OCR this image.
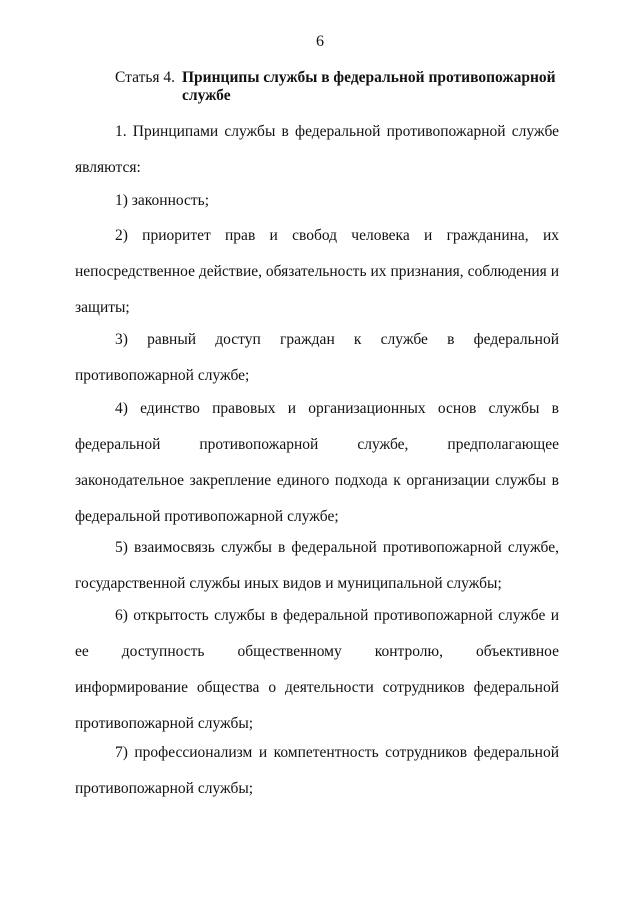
6
Статья 4. Принципы службы в федеральной противопожарной службе

1. Принципами службы в федеральной противопожарной службе являются:

1) законность;

2) приоритет прав и свобод человека и гражданина, их непосредственное действие, обязательность их признания, соблюдения и защиты;

3) равный доступ граждан к службе в федеральной противопожарной службе;

4) единство правовых и организационных основ службы в федеральной противопожарной службе, предполагающее законодательное закрепление единого подхода к организации службы в федеральной противопожарной службе;

5) взаимосвязь службы в федеральной противопожарной службе, государственной службы иных видов и муниципальной службы;

6) открытость службы в федеральной противопожарной службе и ее доступность общественному контролю, объективное информирование общества о деятельности сотрудников федеральной противопожарной службы;

7) профессионализм и компетентность сотрудников федеральной противопожарной службы;
